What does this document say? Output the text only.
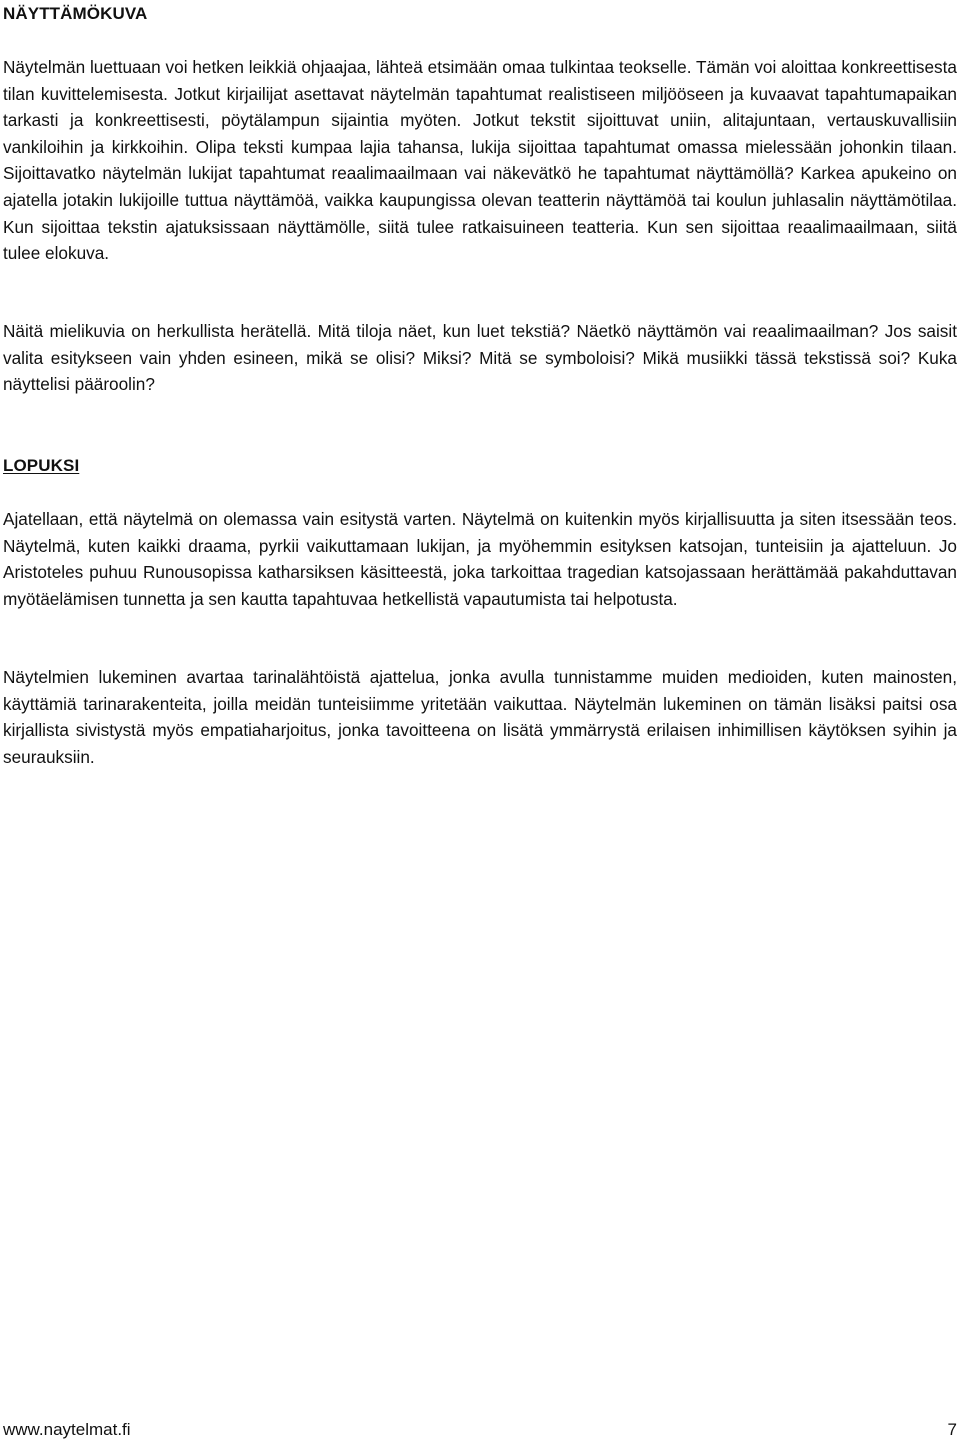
NÄYTTÄMÖKUVA

Näytelmän luettuaan voi hetken leikkiä ohjaajaa, lähteä etsimään omaa tulkintaa teokselle. Tämän voi aloittaa konkreettisesta tilan kuvittelemisesta. Jotkut kirjailijat asettavat näytelmän tapahtumat realistiseen miljööseen ja kuvaavat tapahtumapaikan tarkasti ja konkreettisesti, pöytälampun sijaintia myöten. Jotkut tekstit sijoittuvat uniin, alitajuntaan, vertauskuvallisiin vankiloihin ja kirkkoihin. Olipa teksti kumpaa lajia tahansa, lukija sijoittaa tapahtumat omassa mielessään johonkin tilaan. Sijoittavatko näytelmän lukijat tapahtumat reaalimaailmaan vai näkevätkö he tapahtumat näyttämöllä? Karkea apukeino on ajatella jotakin lukijoille tuttua näyttämöä, vaikka kaupungissa olevan teatterin näyttämöä tai koulun juhlasalin näyttämötilaa. Kun sijoittaa tekstin ajatuksissaan näyttämölle, siitä tulee ratkaisuineen teatteria. Kun sen sijoittaa reaalimaailmaan, siitä tulee elokuva.

Näitä mielikuvia on herkullista herätellä. Mitä tiloja näet, kun luet tekstiä? Näetkö näyttämön vai reaalimaailman? Jos saisit valita esitykseen vain yhden esineen, mikä se olisi? Miksi? Mitä se symboloisi? Mikä musiikki tässä tekstissä soi? Kuka näyttelisi pääroolin?

LOPUKSI

Ajatellaan, että näytelmä on olemassa vain esitystä varten. Näytelmä on kuitenkin myös kirjallisuutta ja siten itsessään teos. Näytelmä, kuten kaikki draama, pyrkii vaikuttamaan lukijan, ja myöhemmin esityksen katsojan, tunteisiin ja ajatteluun. Jo Aristoteles puhuu Runousopissa katharsiksen käsitteestä, joka tarkoittaa tragedian katsojassaan herättämää pakahduttavan myötäelämisen tunnetta ja sen kautta tapahtuvaa hetkellistä vapautumista tai helpotusta.

Näytelmien lukeminen avartaa tarinalähtöistä ajattelua, jonka avulla tunnistamme muiden medioiden, kuten mainosten, käyttämiä tarinarakenteita, joilla meidän tunteisiimme yritetään vaikuttaa. Näytelmän lukeminen on tämän lisäksi paitsi osa kirjallista sivistystä myös empatiaharjoitus, jonka tavoitteena on lisätä ymmärrystä erilaisen inhimillisen käytöksen syihin ja seurauksiin.

www.naytelmat.fi	7
